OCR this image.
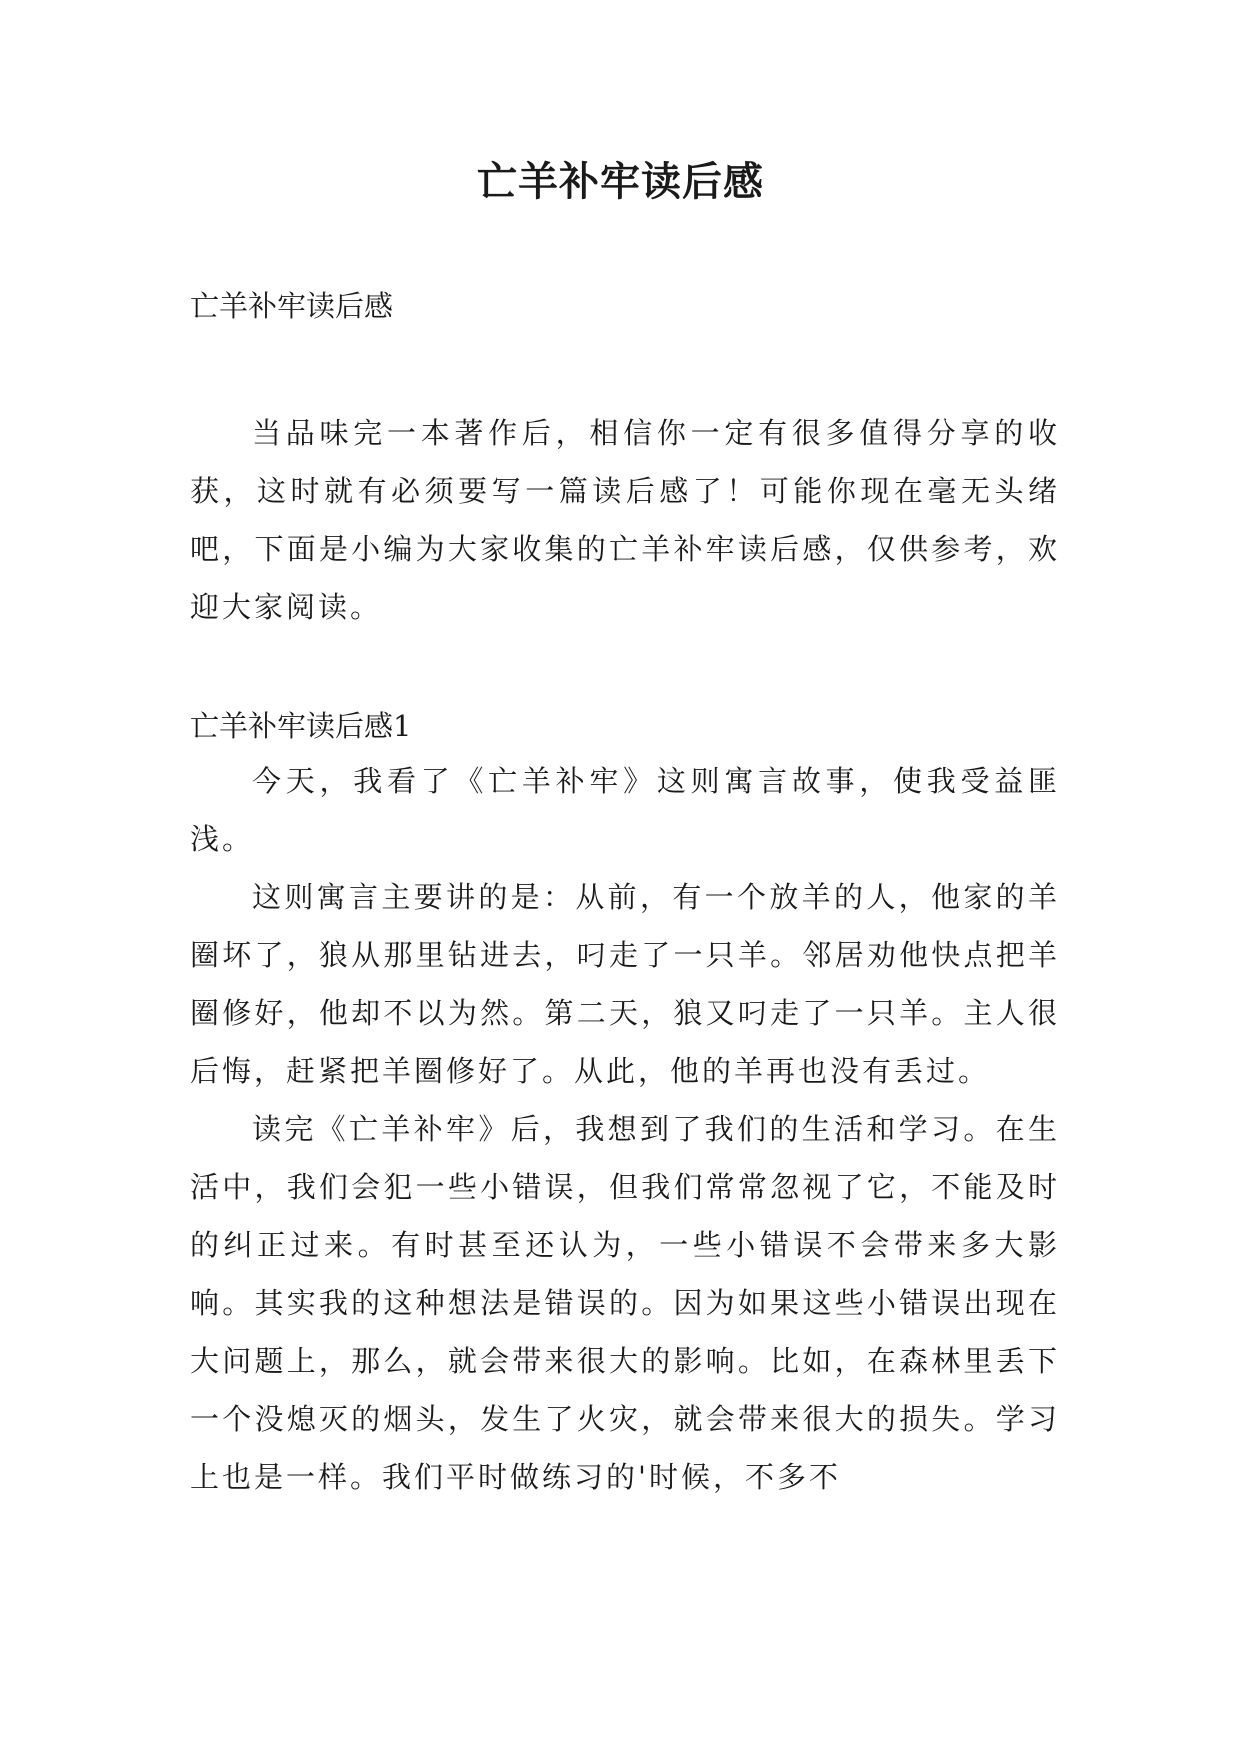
亡羊补牢读后感
亡羊补牢读后感

当品味完一本著作后，相信你一定有很多值得分享的收获，这时就有必须要写一篇读后感了！可能你现在毫无头绪吧，下面是小编为大家收集的亡羊补牢读后感，仅供参考，欢迎大家阅读。

亡羊补牢读后感1

今天，我看了《亡羊补牢》这则寓言故事，使我受益匪浅。

这则寓言主要讲的是：从前，有一个放羊的人，他家的羊圈坏了，狼从那里钻进去，叼走了一只羊。邻居劝他快点把羊圈修好，他却不以为然。第二天，狼又叼走了一只羊。主人很后悔，赶紧把羊圈修好了。从此，他的羊再也没有丢过。

读完《亡羊补牢》后，我想到了我们的生活和学习。在生活中，我们会犯一些小错误，但我们常常忽视了它，不能及时的纠正过来。有时甚至还认为，一些小错误不会带来多大影响。其实我的这种想法是错误的。因为如果这些小错误出现在大问题上，那么，就会带来很大的影响。比如，在森林里丢下一个没熄灭的烟头，发生了火灾，就会带来很大的损失。学习上也是一样。我们平时做练习的'时候，不多不
